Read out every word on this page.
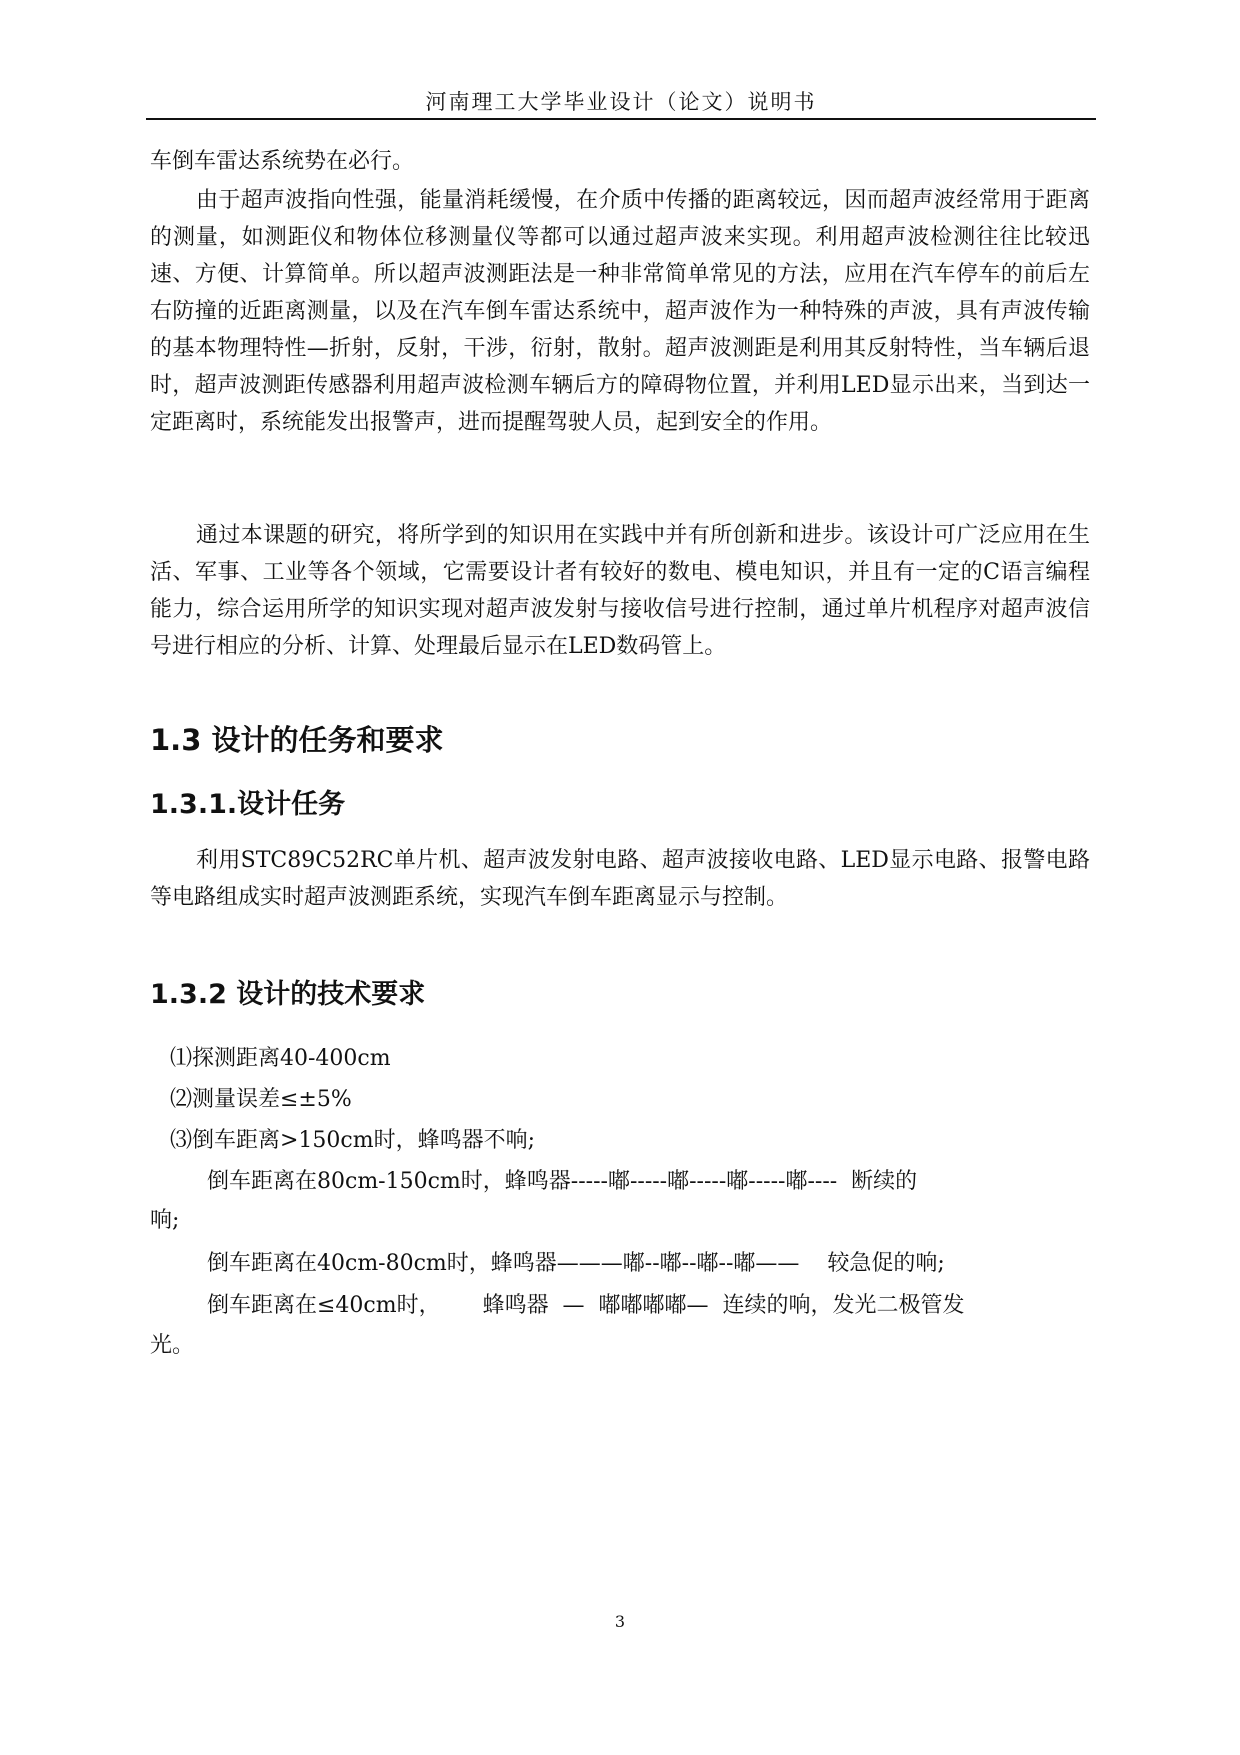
河南理工大学毕业设计（论文）说明书

车倒车雷达系统势在必行。

由于超声波指向性强，能量消耗缓慢，在介质中传播的距离较远，因而超声波经常用于距离的测量，如测距仪和物体位移测量仪等都可以通过超声波来实现。利用超声波检测往往比较迅速、方便、计算简单。所以超声波测距法是一种非常简单常见的方法，应用在汽车停车的前后左右防撞的近距离测量，以及在汽车倒车雷达系统中，超声波作为一种特殊的声波，具有声波传输的基本物理特性—折射，反射，干涉，衍射，散射。超声波测距是利用其反射特性，当车辆后退时，超声波测距传感器利用超声波检测车辆后方的障碍物位置，并利用LED显示出来，当到达一定距离时，系统能发出报警声，进而提醒驾驶人员，起到安全的作用。

通过本课题的研究，将所学到的知识用在实践中并有所创新和进步。该设计可广泛应用在生活、军事、工业等各个领域，它需要设计者有较好的数电、模电知识，并且有一定的C语言编程能力，综合运用所学的知识实现对超声波发射与接收信号进行控制，通过单片机程序对超声波信号进行相应的分析、计算、处理最后显示在LED数码管上。

1.3 设计的任务和要求
1.3.1.设计任务

利用STC89C52RC单片机、超声波发射电路、超声波接收电路、LED显示电路、报警电路等电路组成实时超声波测距系统，实现汽车倒车距离显示与控制。

1.3.2 设计的技术要求

⑴探测距离40-400cm

⑵测量误差≤±5%

⑶倒车距离>150cm时，蜂鸣器不响;

倒车距离在80cm-150cm时，蜂鸣器-----嘟-----嘟-----嘟-----嘟----  断续的

响;

倒车距离在40cm-80cm时，蜂鸣器———嘟--嘟--嘟--嘟——    较急促的响;

倒车距离在≤40cm时，      蜂鸣器  —  嘟嘟嘟嘟—  连续的响，发光二极管发

光。

3
